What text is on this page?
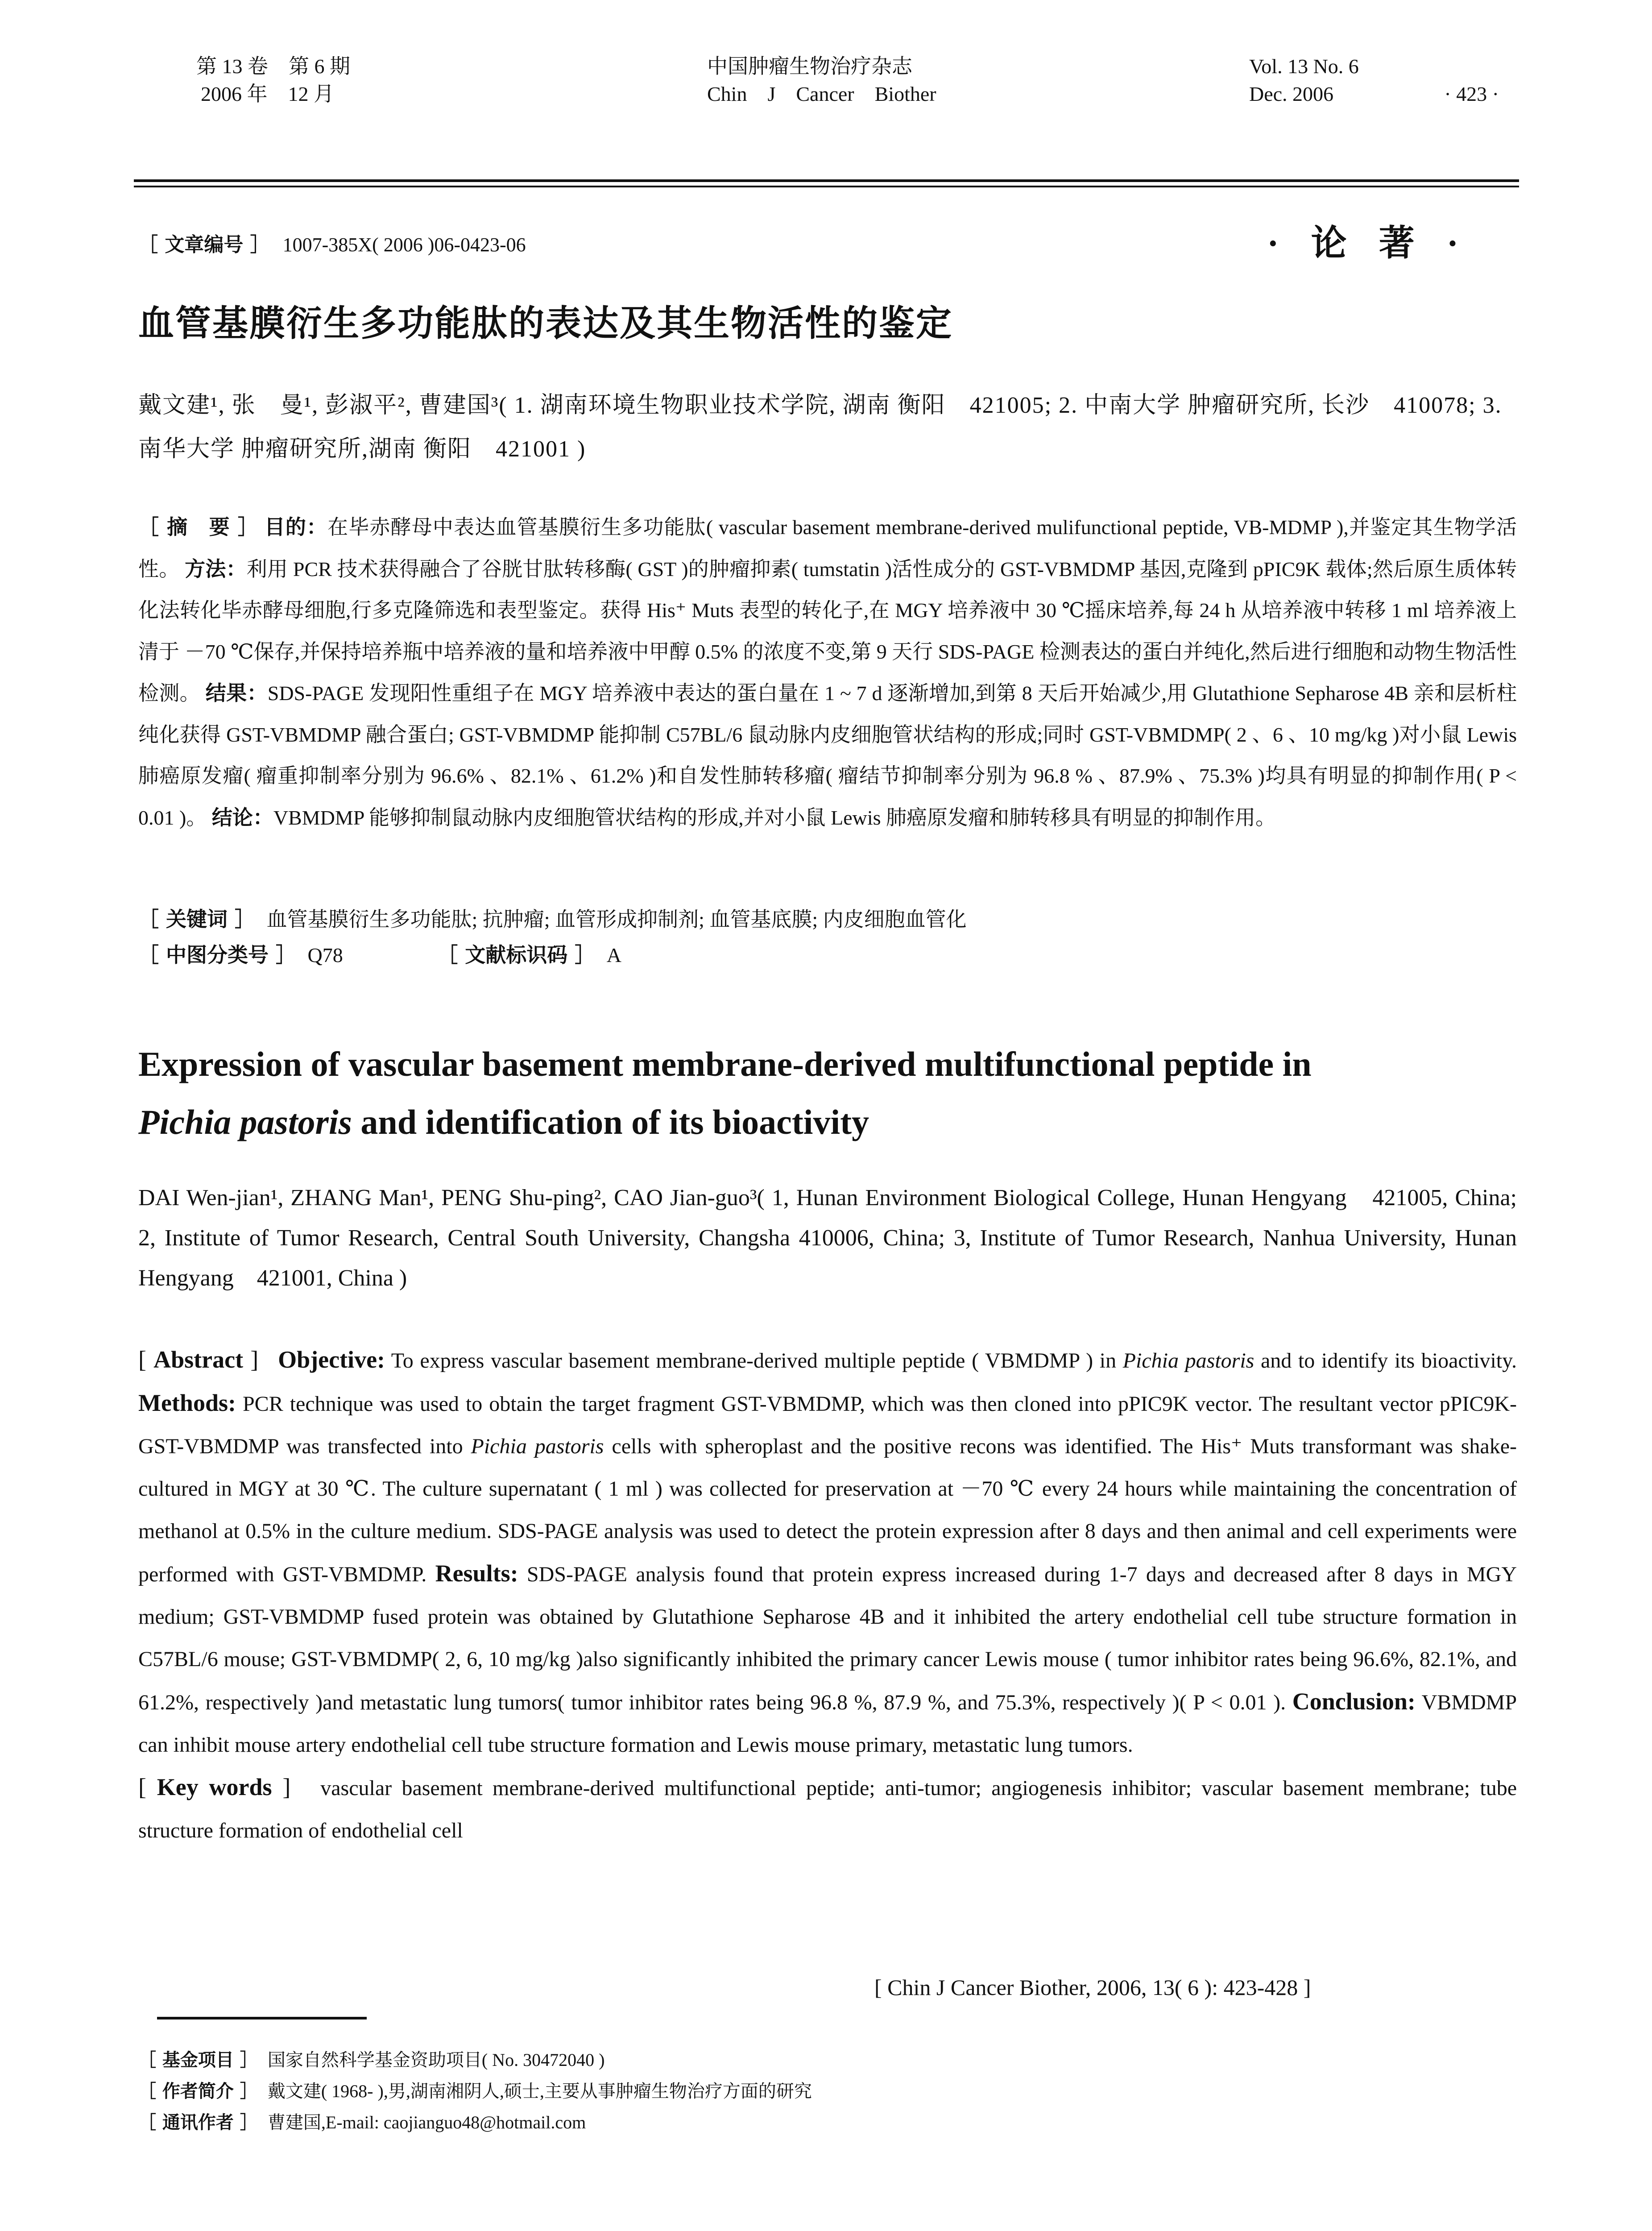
第 13 卷　第 6 期
2006 年　12 月
中国肿瘤生物治疗杂志
Chin　J　Cancer　Biother
Vol. 13 No. 6
Dec. 2006	· 423 ·
［ 文章编号 ］ 1007-385X( 2006 )06-0423-06	· 论 著 ·
血管基膜衍生多功能肽的表达及其生物活性的鉴定
戴文建¹, 张　曼¹, 彭淑平², 曹建国³( 1. 湖南环境生物职业技术学院, 湖南 衡阳　421005; 2. 中南大学 肿瘤研究所, 长沙　410078; 3. 南华大学 肿瘤研究所,湖南 衡阳　421001 )
［ 摘　要 ］ 目的：在毕赤酵母中表达血管基膜衍生多功能肽( vascular basement membrane-derived mulifunctional peptide, VB-MDMP ),并鉴定其生物学活性。 方法：利用 PCR 技术获得融合了谷胱甘肽转移酶( GST )的肿瘤抑素( tumstatin )活性成分的 GST-VBMDMP 基因,克隆到 pPIC9K 载体;然后原生质体转化法转化毕赤酵母细胞,行多克隆筛选和表型鉴定。获得 His⁺ Muts 表型的转化子,在 MGY 培养液中 30 ℃摇床培养,每 24 h 从培养液中转移 1 ml 培养液上清于 －70 ℃保存,并保持培养瓶中培养液的量和培养液中甲醇 0.5% 的浓度不变,第 9 天行 SDS-PAGE 检测表达的蛋白并纯化,然后进行细胞和动物生物活性检测。 结果：SDS-PAGE 发现阳性重组子在 MGY 培养液中表达的蛋白量在 1 ~ 7 d 逐渐增加,到第 8 天后开始减少,用 Glutathione Sepharose 4B 亲和层析柱纯化获得 GST-VBMDMP 融合蛋白; GST-VBMDMP 能抑制 C57BL/6 鼠动脉内皮细胞管状结构的形成;同时 GST-VBMDMP( 2 、6 、10 mg/kg )对小鼠 Lewis 肺癌原发瘤( 瘤重抑制率分别为 96.6% 、82.1% 、61.2% )和自发性肺转移瘤( 瘤结节抑制率分别为 96.8 % 、87.9% 、75.3% )均具有明显的抑制作用( P < 0.01 )。 结论：VBMDMP 能够抑制鼠动脉内皮细胞管状结构的形成,并对小鼠 Lewis 肺癌原发瘤和肺转移具有明显的抑制作用。
［ 关键词 ］ 血管基膜衍生多功能肽; 抗肿瘤; 血管形成抑制剂; 血管基底膜; 内皮细胞血管化
［ 中图分类号 ］ Q78	［ 文献标识码 ］ A
Expression of vascular basement membrane-derived multifunctional peptide in
Pichia pastoris and identification of its bioactivity
DAI Wen-jian¹, ZHANG Man¹, PENG Shu-ping², CAO Jian-guo³( 1, Hunan Environment Biological College, Hunan Hengyang　421005, China; 2, Institute of Tumor Research, Central South University, Changsha 410006, China; 3, Institute of Tumor Research, Nanhua University, Hunan Hengyang　421001, China )
[ Abstract ] Objective: To express vascular basement membrane-derived multiple peptide ( VBMDMP ) in Pichia pastoris and to identify its bioactivity. Methods: PCR technique was used to obtain the target fragment GST-VBMDMP, which was then cloned into pPIC9K vector. The resultant vector pPIC9K-GST-VBMDMP was transfected into Pichia pastoris cells with spheroplast and the positive recons was identified. The His⁺ Muts transformant was shake-cultured in MGY at 30 ℃. The culture supernatant ( 1 ml ) was collected for preservation at －70 ℃ every 24 hours while maintaining the concentration of methanol at 0.5% in the culture medium. SDS-PAGE analysis was used to detect the protein expression after 8 days and then animal and cell experiments were performed with GST-VBMDMP. Results: SDS-PAGE analysis found that protein express increased during 1-7 days and decreased after 8 days in MGY medium; GST-VBMDMP fused protein was obtained by Glutathione Sepharose 4B and it inhibited the artery endothelial cell tube structure formation in C57BL/6 mouse; GST-VBMDMP( 2, 6, 10 mg/kg )also significantly inhibited the primary cancer Lewis mouse ( tumor inhibitor rates being 96.6%, 82.1%, and 61.2%, respectively )and metastatic lung tumors( tumor inhibitor rates being 96.8 %, 87.9 %, and 75.3%, respectively )( P < 0.01 ). Conclusion: VBMDMP can inhibit mouse artery endothelial cell tube structure formation and Lewis mouse primary, metastatic lung tumors.
[ Key words ] vascular basement membrane-derived multifunctional peptide; anti-tumor; angiogenesis inhibitor; vascular basement membrane; tube structure formation of endothelial cell
[ Chin J Cancer Biother, 2006, 13( 6 ): 423-428 ]
［ 基金项目 ］ 国家自然科学基金资助项目( No. 30472040 )
［ 作者简介 ］ 戴文建( 1968- ),男,湖南湘阴人,硕士,主要从事肿瘤生物治疗方面的研究
［ 通讯作者 ］ 曹建国,E-mail: caojianguo48@hotmail.com
